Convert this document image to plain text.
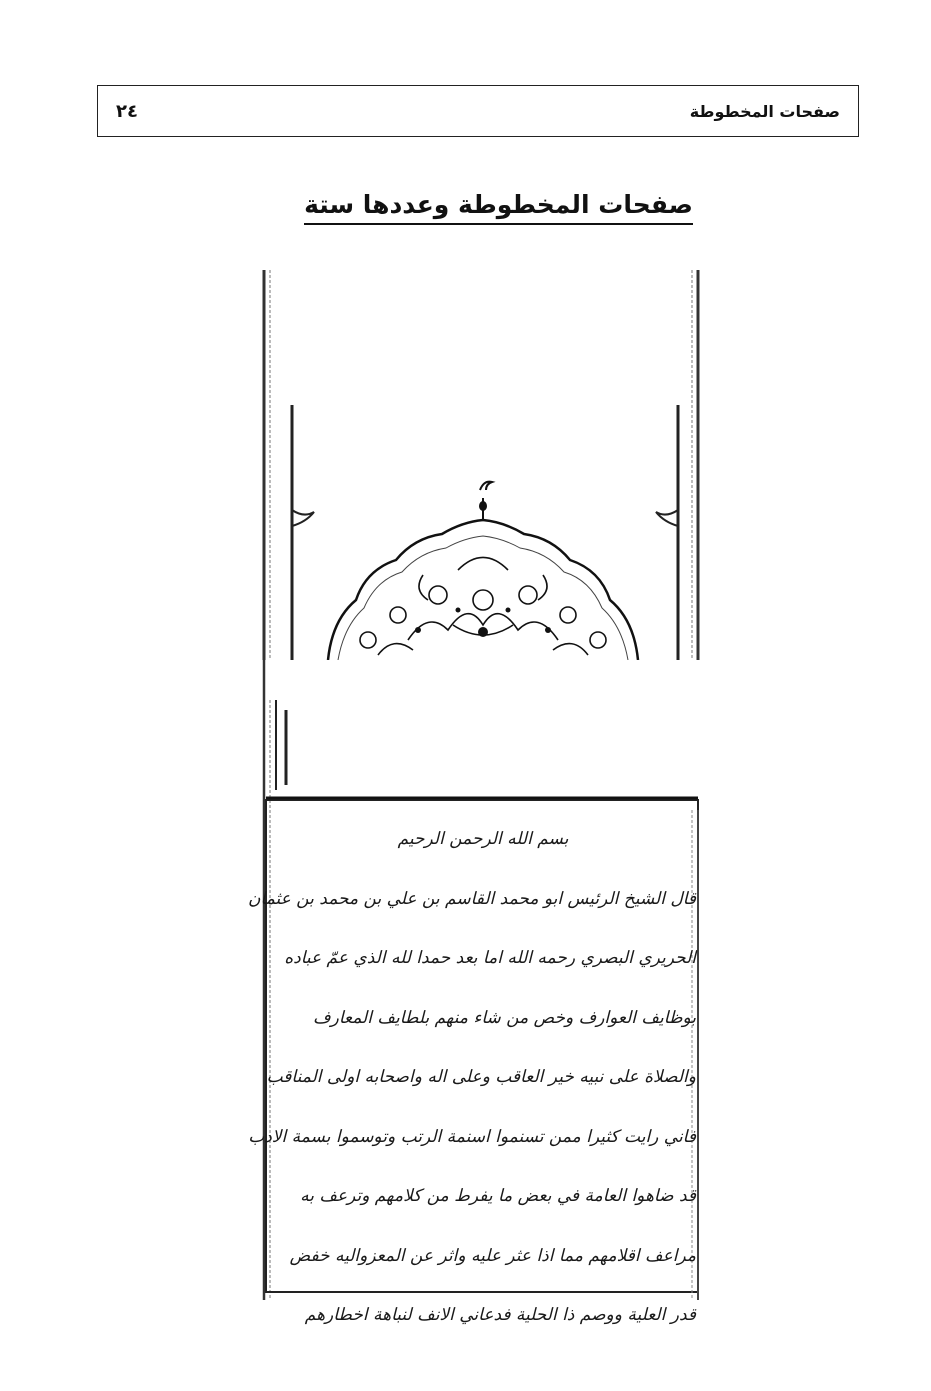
٢٤	صفحات المخطوطة
صفحات المخطوطة وعددها ستة
بسم الله الرحمن الرحيم
قال الشيخ الرئيس ابو محمد القاسم بن علي بن محمد بن عثمان
الحريري البصري رحمه الله اما بعد حمدا لله الذي عمّ عباده
بوظايف العوارف وخص من شاء منهم بلطايف المعارف
والصلاة على نبيه خير العاقب وعلى اله واصحابه اولى المناقب
فاني رايت كثيرا ممن تسنموا اسنمة الرتب وتوسموا بسمة الادب
قد ضاهوا العامة في بعض ما يفرط من كلامهم وترعف به
مراعف اقلامهم مما اذا عثر عليه واثر عن المعزواليه خفض
قدر العلية ووصم ذا الحلية فدعاني الانف لنباهة اخطارهم
